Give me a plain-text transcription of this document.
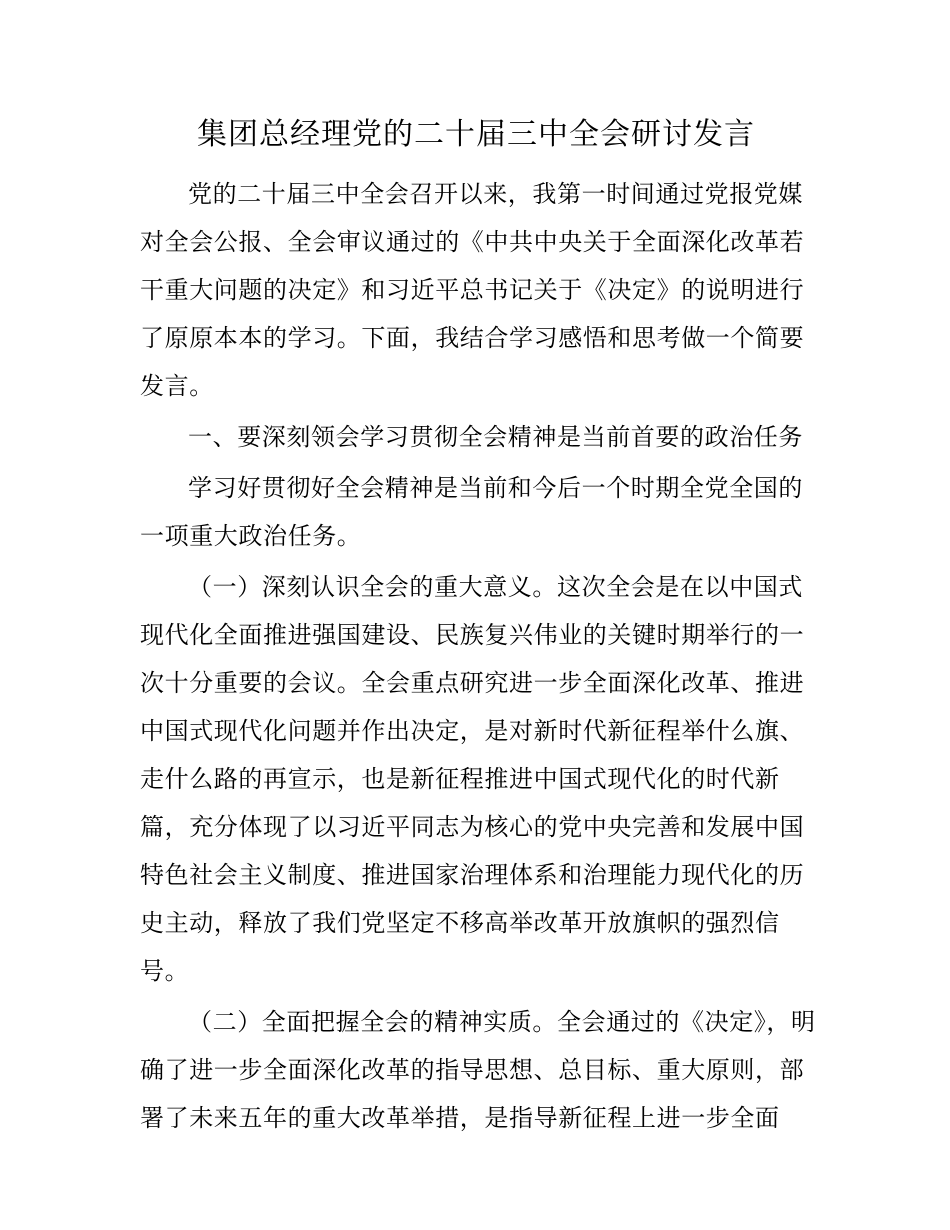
集团总经理党的二十届三中全会研讨发言

党的二十届三中全会召开以来，我第一时间通过党报党媒对全会公报、全会审议通过的《中共中央关于全面深化改革若干重大问题的决定》和习近平总书记关于《决定》的说明进行了原原本本的学习。下面，我结合学习感悟和思考做一个简要发言。

一、要深刻领会学习贯彻全会精神是当前首要的政治任务

学习好贯彻好全会精神是当前和今后一个时期全党全国的一项重大政治任务。

（一）深刻认识全会的重大意义。这次全会是在以中国式现代化全面推进强国建设、民族复兴伟业的关键时期举行的一次十分重要的会议。全会重点研究进一步全面深化改革、推进中国式现代化问题并作出决定，是对新时代新征程举什么旗、走什么路的再宣示，也是新征程推进中国式现代化的时代新篇，充分体现了以习近平同志为核心的党中央完善和发展中国特色社会主义制度、推进国家治理体系和治理能力现代化的历史主动，释放了我们党坚定不移高举改革开放旗帜的强烈信号。

（二）全面把握全会的精神实质。全会通过的《决定》，明确了进一步全面深化改革的指导思想、总目标、重大原则，部署了未来五年的重大改革举措，是指导新征程上进一步全面
